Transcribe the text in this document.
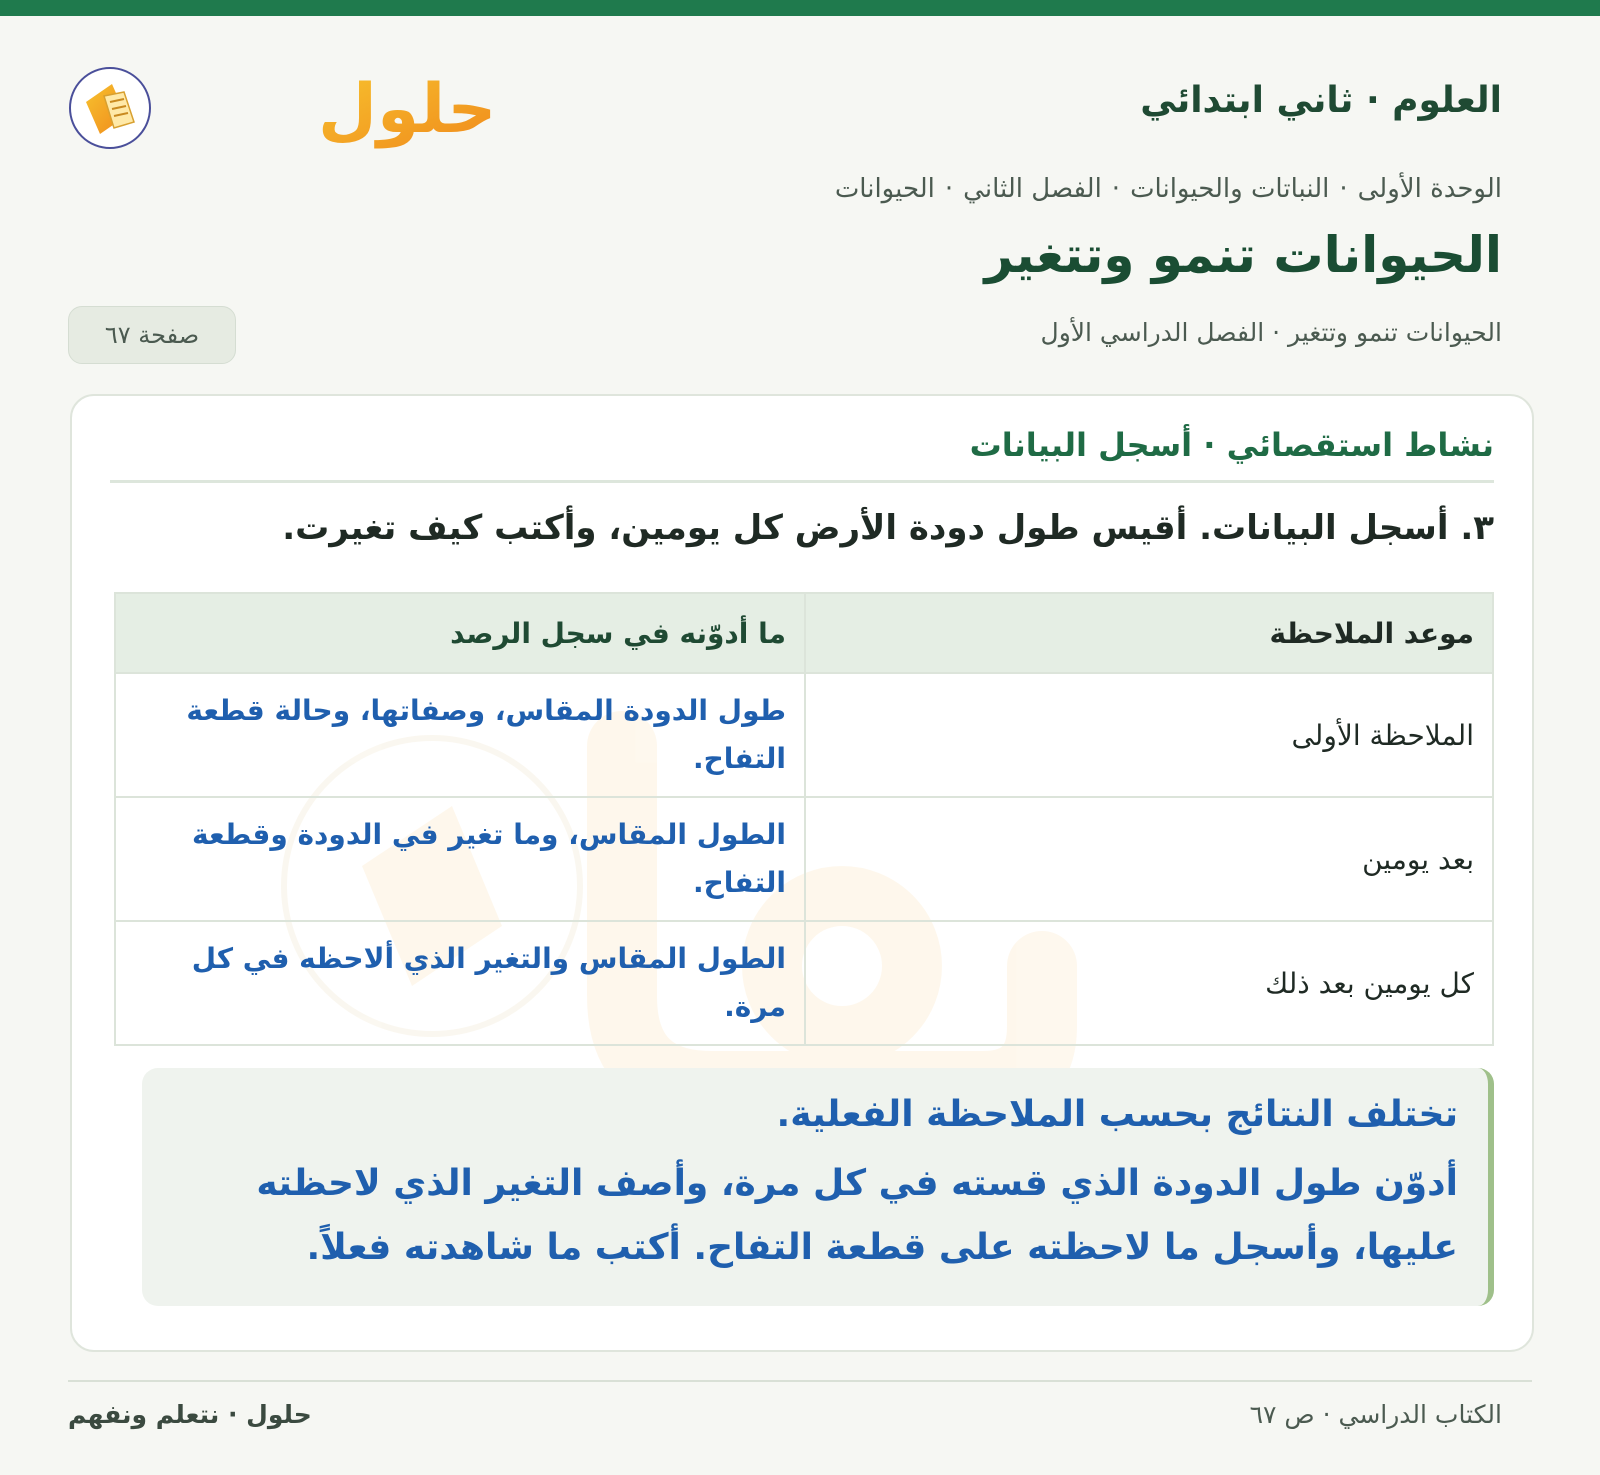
حلول	العلوم · ثاني ابتدائي
الوحدة الأولى·النباتات والحيوانات·الفصل الثاني·الحيوانات
الحيوانات تنمو وتتغير
الحيوانات تنمو وتتغير · الفصل الدراسي الأول
صفحة ٦٧
نشاط استقصائي · أسجل البيانات

٣. أسجل البيانات. أقيس طول دودة الأرض كل يومين، وأكتب كيف تغيرت.

موعد الملاحظة	ما أدوّنه في سجل الرصد
الملاحظة الأولى	طول الدودة المقاس، وصفاتها، وحالة قطعة التفاح.
بعد يومين	الطول المقاس، وما تغير في الدودة وقطعة التفاح.
كل يومين بعد ذلك	الطول المقاس والتغير الذي ألاحظه في كل مرة.

تختلف النتائج بحسب الملاحظة الفعلية.

أدوّن طول الدودة الذي قسته في كل مرة، وأصف التغير الذي لاحظته عليها، وأسجل ما لاحظته على قطعة التفاح. أكتب ما شاهدته فعلاً.

الكتاب الدراسي · ص ٦٧
حلول · نتعلم ونفهم
